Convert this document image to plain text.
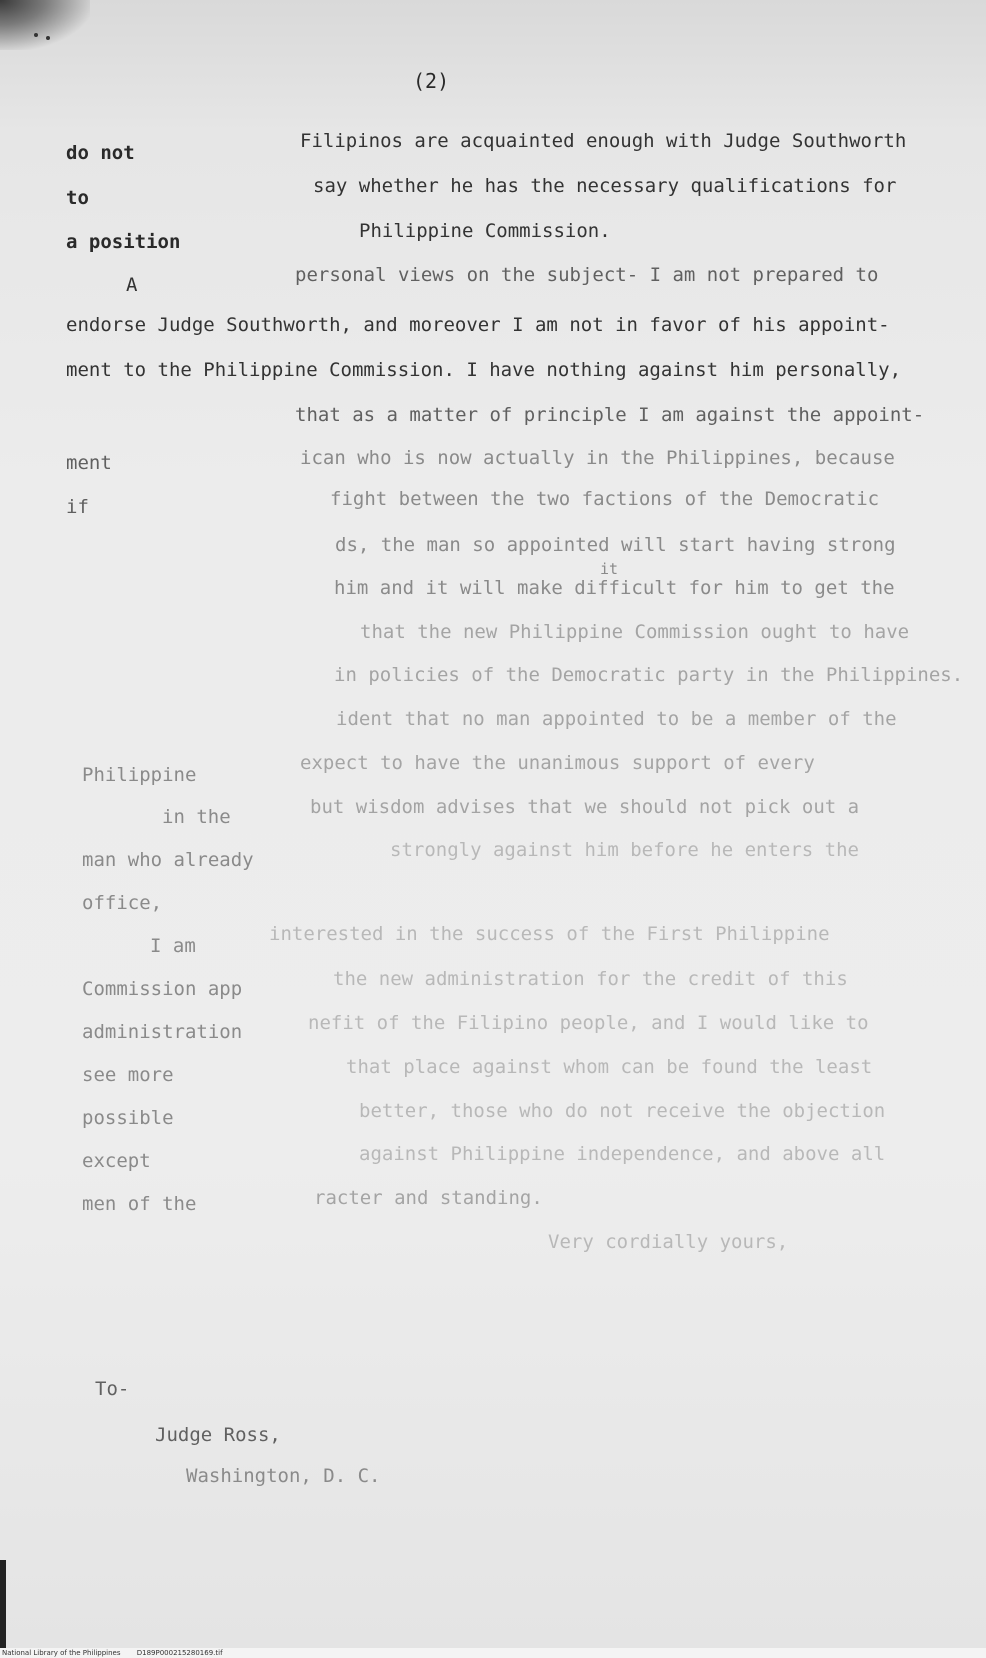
(2)
do not
to
a position
A
ment
if
Philippine
in the
man who already
office,
I am
Commission app
administration
see more
possible
except
men of the
Filipinos are acquainted enough with Judge Southworth
say whether he has the necessary qualifications for
Philippine Commission.
personal views on the subject- I am not prepared to
endorse Judge Southworth, and moreover I am not in favor of his appoint-
ment to the Philippine Commission. I have nothing against him personally,
that as a matter of principle I am against the appoint-
ican who is now actually in the Philippines, because
fight between the two factions of the Democratic
ds, the man so appointed will start having strong
it
him and it will make difficult for him to get the
that the new Philippine Commission ought to have
in policies of the Democratic party in the Philippines.
ident that no man appointed to be a member of the
expect to have the unanimous support of every
but wisdom advises that we should not pick out a
strongly against him before he enters the
interested in the success of the First Philippine
the new administration for the credit of this
nefit of the Filipino people, and I would like to
that place against whom can be found the least
better, those who do not receive the objection
against Philippine independence, and above all
racter and standing.
Very cordially yours,
To-
Judge Ross,
Washington, D. C.
National Library of the Philippines D189P000215280169.tif
